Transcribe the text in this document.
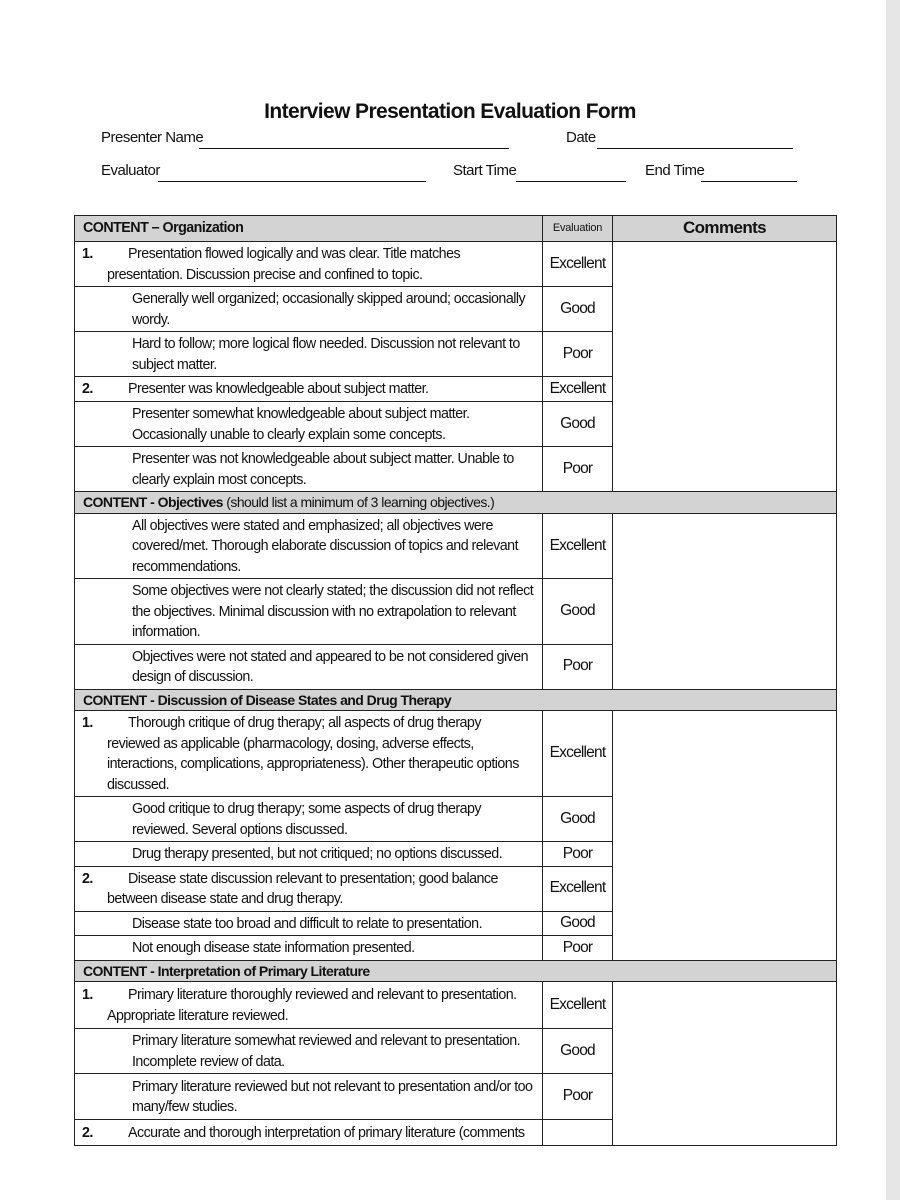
Interview Presentation Evaluation Form
Presenter Name	Date
Evaluator	Start Time	End Time
CONTENT – Organization	Evaluation	Comments
1. Presentation flowed logically and was clear. Title matches presentation. Discussion precise and confined to topic.	Excellent	

Generally well organized; occasionally skipped around; occasionally wordy.	Good	

Hard to follow; more logical flow needed. Discussion not relevant to subject matter.	Poor	
2. Presenter was knowledgeable about subject matter.	Excellent	

Presenter somewhat knowledgeable about subject matter. Occasionally unable to clearly explain some concepts.	Good	

Presenter was not knowledgeable about subject matter. Unable to clearly explain most concepts.	Poor	
CONTENT - Objectives (should list a minimum of 3 learning objectives.)		

All objectives were stated and emphasized; all objectives were covered/met. Thorough elaborate discussion of topics and relevant recommendations.	Excellent	

Some objectives were not clearly stated; the discussion did not reflect the objectives. Minimal discussion with no extrapolation to relevant information.	Good	

Objectives were not stated and appeared to be not considered given design of discussion.	Poor	
CONTENT - Discussion of Disease States and Drug Therapy		
1. Thorough critique of drug therapy; all aspects of drug therapy reviewed as applicable (pharmacology, dosing, adverse effects, interactions, complications, appropriateness). Other therapeutic options discussed.	Excellent	

Good critique to drug therapy; some aspects of drug therapy reviewed. Several options discussed.	Good	

Drug therapy presented, but not critiqued; no options discussed.	Poor	
2. Disease state discussion relevant to presentation; good balance between disease state and drug therapy.	Excellent	

Disease state too broad and difficult to relate to presentation.	Good	

Not enough disease state information presented.	Poor	
CONTENT - Interpretation of Primary Literature		
1. Primary literature thoroughly reviewed and relevant to presentation. Appropriate literature reviewed.	Excellent	

Primary literature somewhat reviewed and relevant to presentation. Incomplete review of data.	Good	

Primary literature reviewed but not relevant to presentation and/or too many/few studies.	Poor	
2. Accurate and thorough interpretation of primary literature (comments		
